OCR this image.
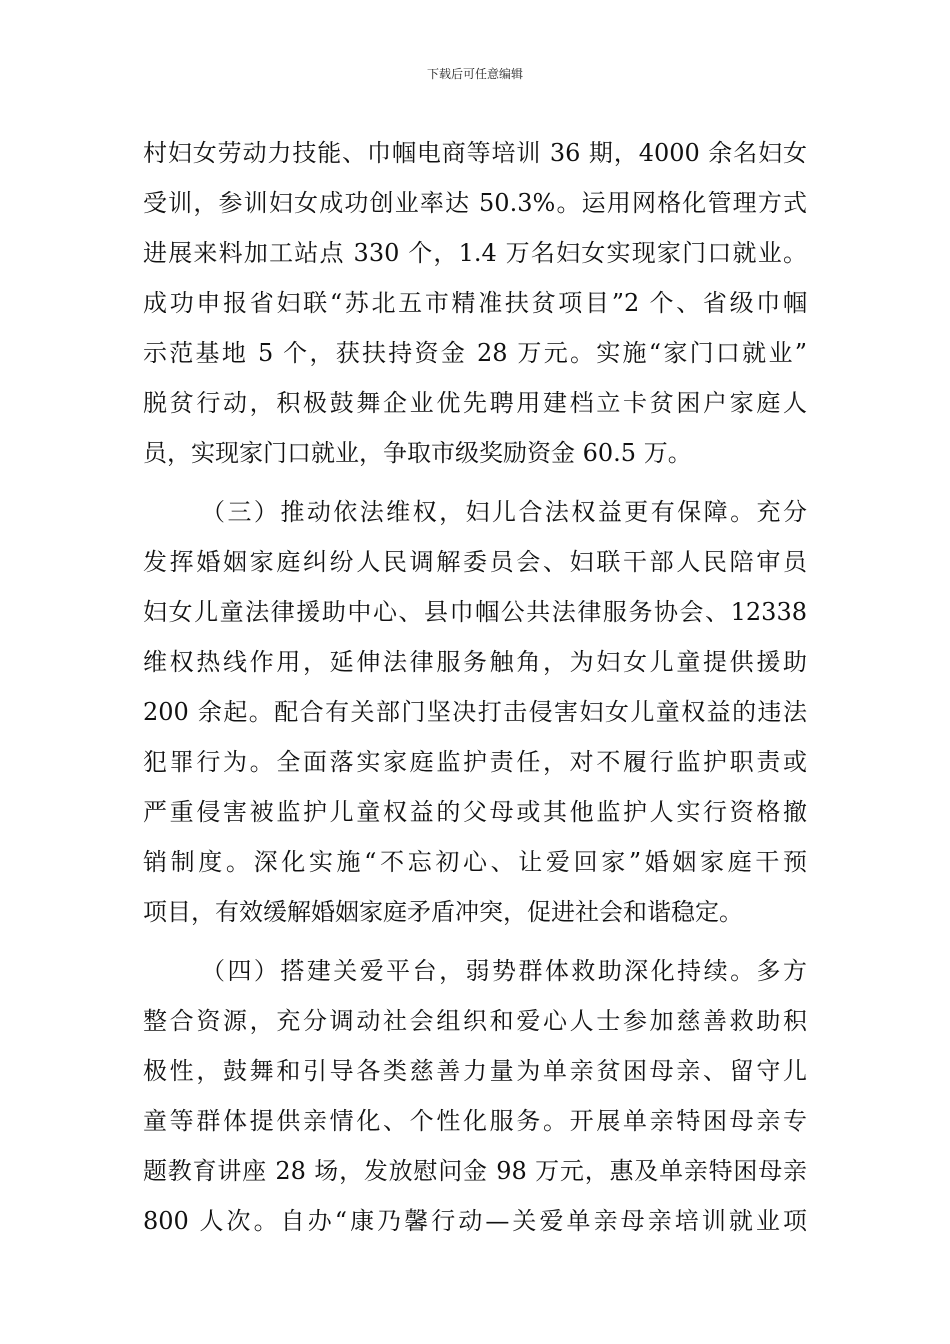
下载后可任意编辑
村妇女劳动力技能、巾帼电商等培训 36 期，4000 余名妇女
受训，参训妇女成功创业率达 50.3%。运用网格化管理方式
进展来料加工站点 330 个，1.4 万名妇女实现家门口就业。
成功申报省妇联“苏北五市精准扶贫项目”2 个、省级巾帼
示范基地 5 个，获扶持资金 28 万元。实施“家门口就业”
脱贫行动，积极鼓舞企业优先聘用建档立卡贫困户家庭人
员，实现家门口就业，争取市级奖励资金 60.5 万。
（三）推动依法维权，妇儿合法权益更有保障。充分
发挥婚姻家庭纠纷人民调解委员会、妇联干部人民陪审员
妇女儿童法律援助中心、县巾帼公共法律服务协会、12338
维权热线作用，延伸法律服务触角，为妇女儿童提供援助
200 余起。配合有关部门坚决打击侵害妇女儿童权益的违法
犯罪行为。全面落实家庭监护责任，对不履行监护职责或
严重侵害被监护儿童权益的父母或其他监护人实行资格撤
销制度。深化实施“不忘初心、让爱回家”婚姻家庭干预
项目，有效缓解婚姻家庭矛盾冲突，促进社会和谐稳定。
（四）搭建关爱平台，弱势群体救助深化持续。多方
整合资源，充分调动社会组织和爱心人士参加慈善救助积
极性，鼓舞和引导各类慈善力量为单亲贫困母亲、留守儿
童等群体提供亲情化、个性化服务。开展单亲特困母亲专
题教育讲座 28 场，发放慰问金 98 万元，惠及单亲特困母亲
800 人次。自办“康乃馨行动—关爱单亲母亲培训就业项
